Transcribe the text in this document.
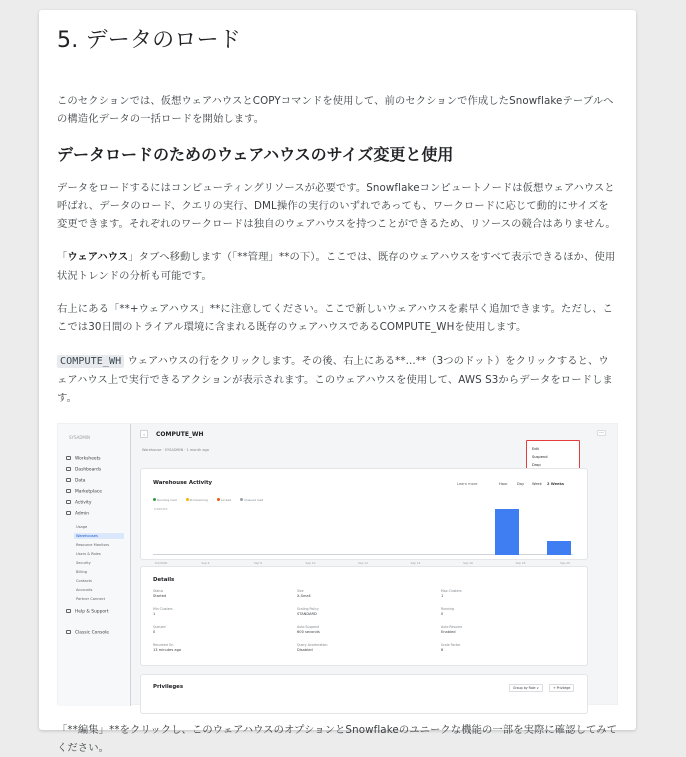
5. データのロード

このセクションでは、仮想ウェアハウスとCOPYコマンドを使用して、前のセクションで作成したSnowflakeテーブルへの構造化データの一括ロードを開始します。

データロードのためのウェアハウスのサイズ変更と使用

データをロードするにはコンピューティングリソースが必要です。Snowflakeコンピュートノードは仮想ウェアハウスと呼ばれ、データのロード、クエリの実行、DML操作の実行のいずれであっても、ワークロードに応じて動的にサイズを変更できます。それぞれのワークロードは独自のウェアハウスを持つことができるため、リソースの競合はありません。

「ウェアハウス」タブへ移動します（「**管理」**の下）。ここでは、既存のウェアハウスをすべて表示できるほか、使用状況トレンドの分析も可能です。

右上にある「**+ウェアハウス」**に注意してください。ここで新しいウェアハウスを素早く追加できます。ただし、ここでは30日間のトライアル環境に含まれる既存のウェアハウスであるCOMPUTE_WHを使用します。

COMPUTE_WH ウェアハウスの行をクリックします。その後、右上にある**...**（3つのドット）をクリックすると、ウェアハウス上で実行できるアクションが表示されます。このウェアハウスを使用して、AWS S3からデータをロードします。

SYSADMIN
Worksheets
Dashboards
Data
Marketplace
Activity
Admin
Usage
Warehouses
Resource Monitors
Users & Roles
Security
Billing
Contacts
Accounts
Partner Connect
Help & Support
Classic Console
‹	COMPUTE_WH
Warehouse · SYSADMIN · 1 month ago
···
Edit
Suspend
Drop
Warehouse Activity	Learn more	Hour	Day Week 2 Weeks
Running load	Provisioning	Locked	Queued load
0.000433
0.0/0000	Sep 6	Sep 8	Sep 10	Sep 12	Sep 14	Sep 16	Sep 18	Sep 20
Details
Status
Started
Size
X-Small
Max Clusters
1
Min Clusters
1
Scaling Policy
STANDARD
Running
0
Queued
0
Auto Suspend
600 seconds
Auto Resume
Enabled
Resumed On
13 minutes ago
Query Acceleration
Disabled
Scale Factor
8
Privileges	Group by Role ∨	+ Privilege

「**編集」**をクリックし、このウェアハウスのオプションとSnowflakeのユニークな機能の一部を実際に確認してみてください。
